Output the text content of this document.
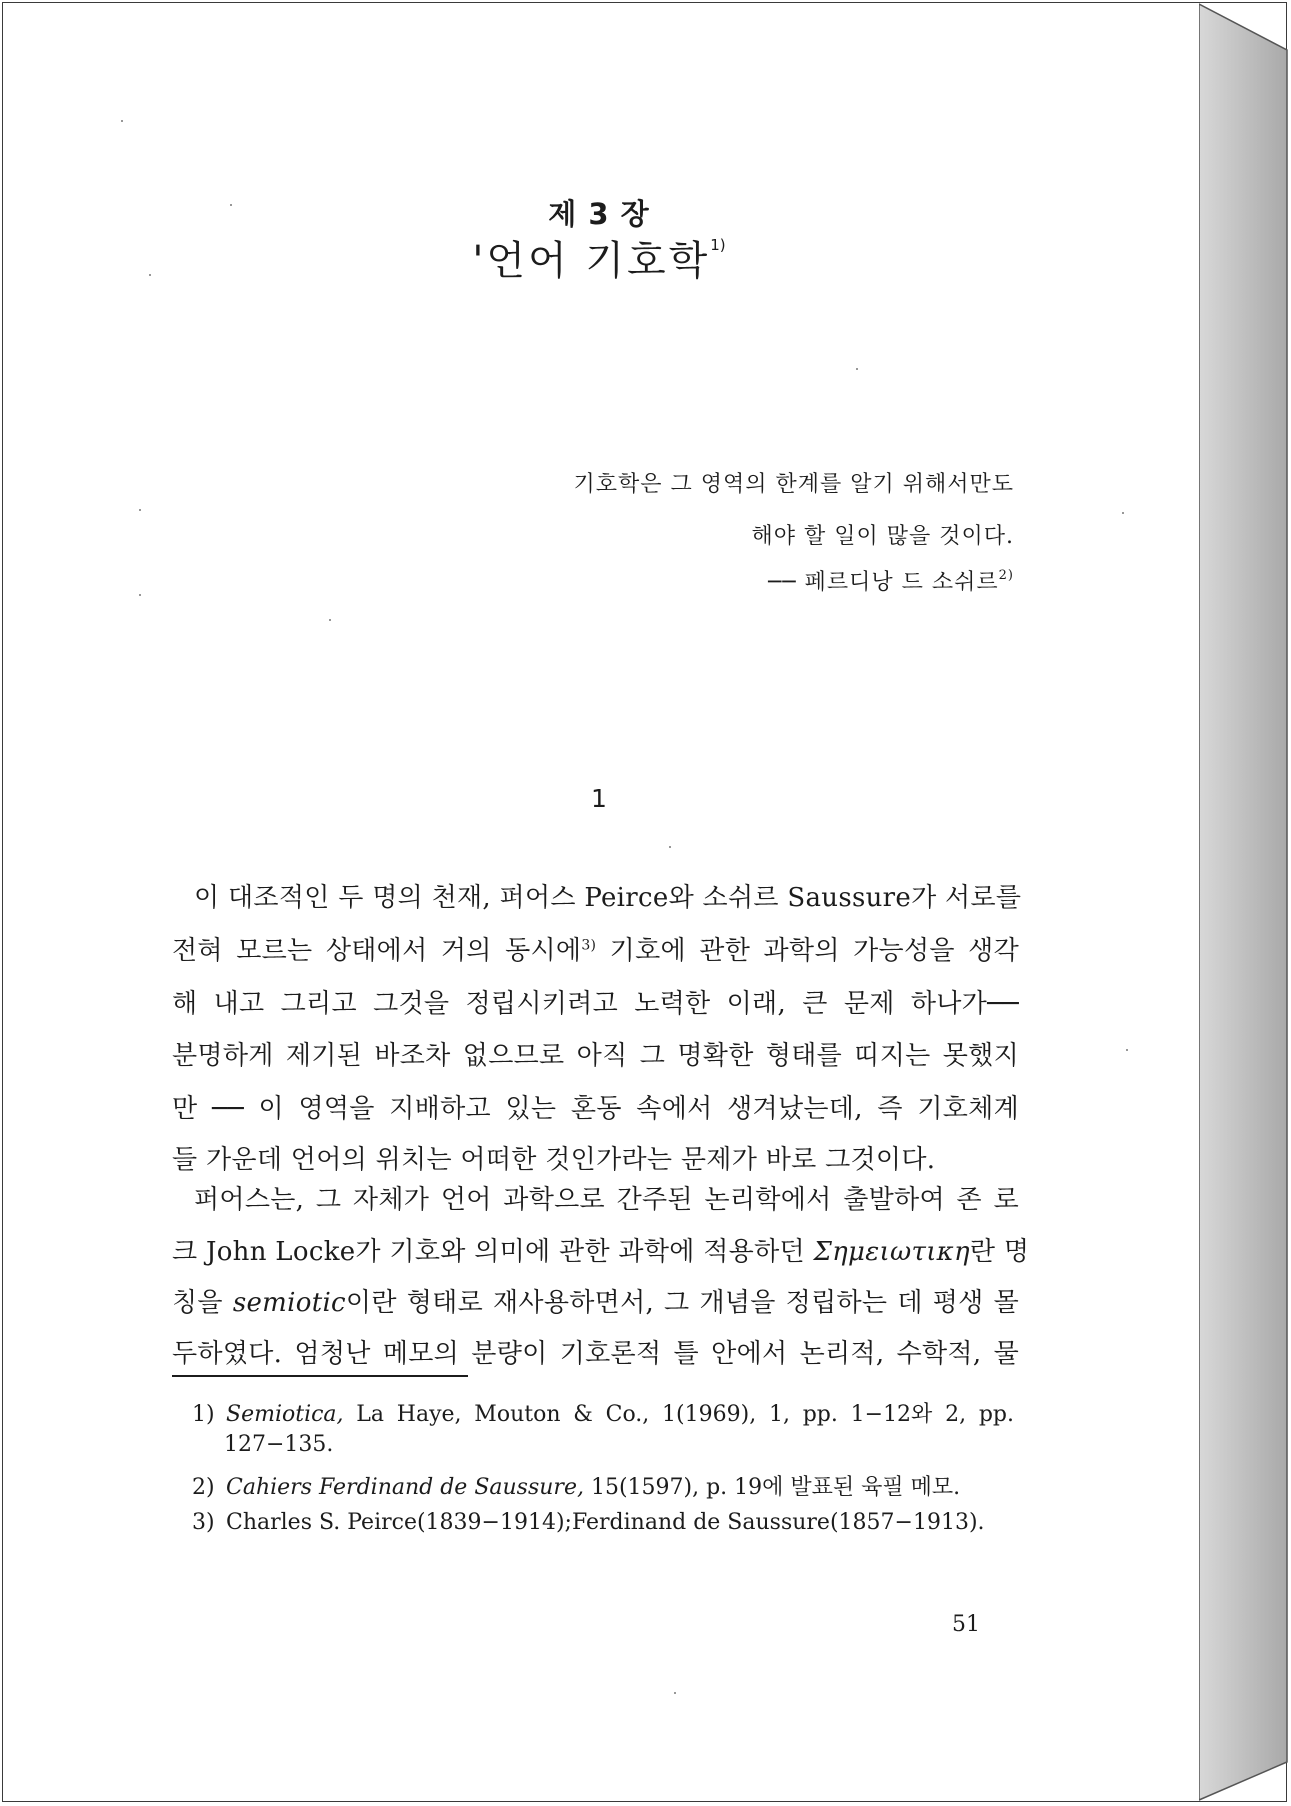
제 3 장
'언어 기호학$^{1)}$
기호학은 그 영역의 한계를 알기 위해서만도
해야 할 일이 많을 것이다.
── 페르디낭 드 소쉬르$^{2)}$
1
이 대조적인 두 명의 천재, 퍼어스 Peirce와 소쉬르 Saussure가 서로를
전혀 모르는 상태에서 거의 동시에$^{3)}$ 기호에 관한 과학의 가능성을 생각
해 내고 그리고 그것을 정립시키려고 노력한 이래, 큰 문제 하나가──
분명하게 제기된 바조차 없으므로 아직 그 명확한 형태를 띠지는 못했지
만 ── 이 영역을 지배하고 있는 혼동 속에서 생겨났는데, 즉 기호체계
들 가운데 언어의 위치는 어떠한 것인가라는 문제가 바로 그것이다.
퍼어스는, 그 자체가 언어 과학으로 간주된 논리학에서 출발하여 존 로
크 John Locke가 기호와 의미에 관한 과학에 적용하던 Σημειωτικη란 명
칭을 semiotic이란 형태로 재사용하면서, 그 개념을 정립하는 데 평생 몰
두하였다. 엄청난 메모의 분량이 기호론적 틀 안에서 논리적, 수학적, 물
1) Semiotica, La Haye, Mouton & Co., 1(1969), 1, pp. 1−12와 2, pp.
127−135.
2) Cahiers Ferdinand de Saussure, 15(1597), p. 19에 발표된 육필 메모.
3) Charles S. Peirce(1839−1914);Ferdinand de Saussure(1857−1913).
51
